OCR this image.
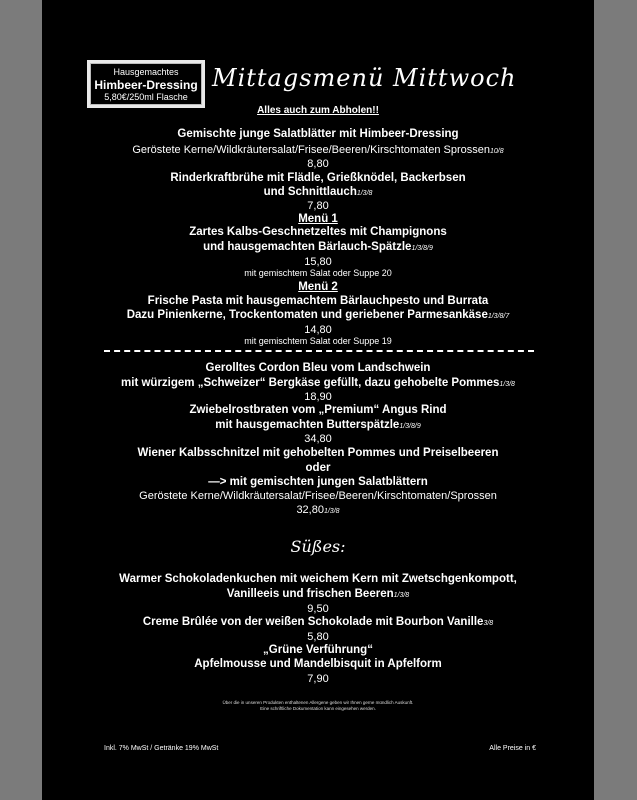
Hausgemachtes
Himbeer-Dressing
5,80€/250ml Flasche
Mittagsmenü Mittwoch
Alles auch zum Abholen!!
Gemischte junge Salatblätter mit Himbeer-Dressing
Geröstete Kerne/Wildkräutersalat/Frisee/Beeren/Kirschtomaten Sprossen10/8
8,80
Rinderkraftbrühe mit Flädle, Grießknödel, Backerbsen
und Schnittlauch1/3/8
7,80
Menü 1
Zartes Kalbs-Geschnetzeltes mit Champignons
und hausgemachten Bärlauch-Spätzle1/3/8/9
15,80
mit gemischtem Salat oder Suppe 20
Menü 2
Frische Pasta mit hausgemachtem Bärlauchpesto und Burrata
Dazu Pinienkerne, Trockentomaten und geriebener Parmesankäse1/3/8/7
14,80
mit gemischtem Salat oder Suppe 19
Gerolltes Cordon Bleu vom Landschwein
mit würzigem „Schweizer“ Bergkäse gefüllt, dazu gehobelte Pommes1/3/8
18,90
Zwiebelrostbraten vom „Premium“ Angus Rind
mit hausgemachten Butterspätzle1/3/8/9
34,80
Wiener Kalbsschnitzel mit gehobelten Pommes und Preiselbeeren
oder
—> mit gemischten jungen Salatblättern
Geröstete Kerne/Wildkräutersalat/Frisee/Beeren/Kirschtomaten/Sprossen
32,801/3/8
Süßes:
Warmer Schokoladenkuchen mit weichem Kern mit Zwetschgenkompott,
Vanilleeis und frischen Beeren1/3/8
9,50
Creme Brûlée von der weißen Schokolade mit Bourbon Vanille3/8
5,80
„Grüne Verführung“
Apfelmousse und Mandelbisquit in Apfelform
7,90
Über die in unseren Produkten enthaltenen Allergene geben wir Ihnen gerne mündlich Auskunft.
Eine schriftliche Dokumentation kann eingesehen werden.
Inkl. 7% MwSt / Getränke 19% MwSt	Alle Preise in €
